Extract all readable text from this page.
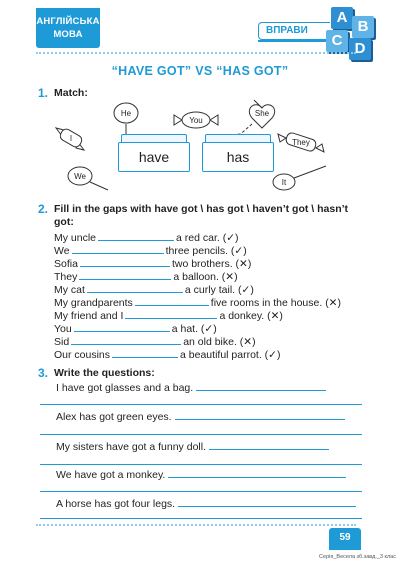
АНГЛІЙСЬКА
МОВА	ВПРАВИ
A
B
C D
“HAVE GOT” VS “HAS GOT”
1. Match:
He
You
She
I	They
We
It
have	has
2. Fill in the gaps with have got \ has got \ haven’t got \ hasn’t got:
My uncle	a red car. (✓)
We	three pencils. (✓)
Sofia	two brothers. (✕)
They	a balloon. (✕)
My cat	a curly tail. (✓)
My grandparents	five rooms in the house. (✕)
My friend and I	a donkey. (✕)
You	a hat. (✓)
Sid	an old bike. (✕)
Our cousins	a beautiful parrot. (✓)
3. Write the questions:
I have got glasses and a bag.
Alex has got green eyes.
My sisters have got a funny doll.
We have got a monkey.
A horse has got four legs.
59
Серія_Весела зб.завд._3 клас
